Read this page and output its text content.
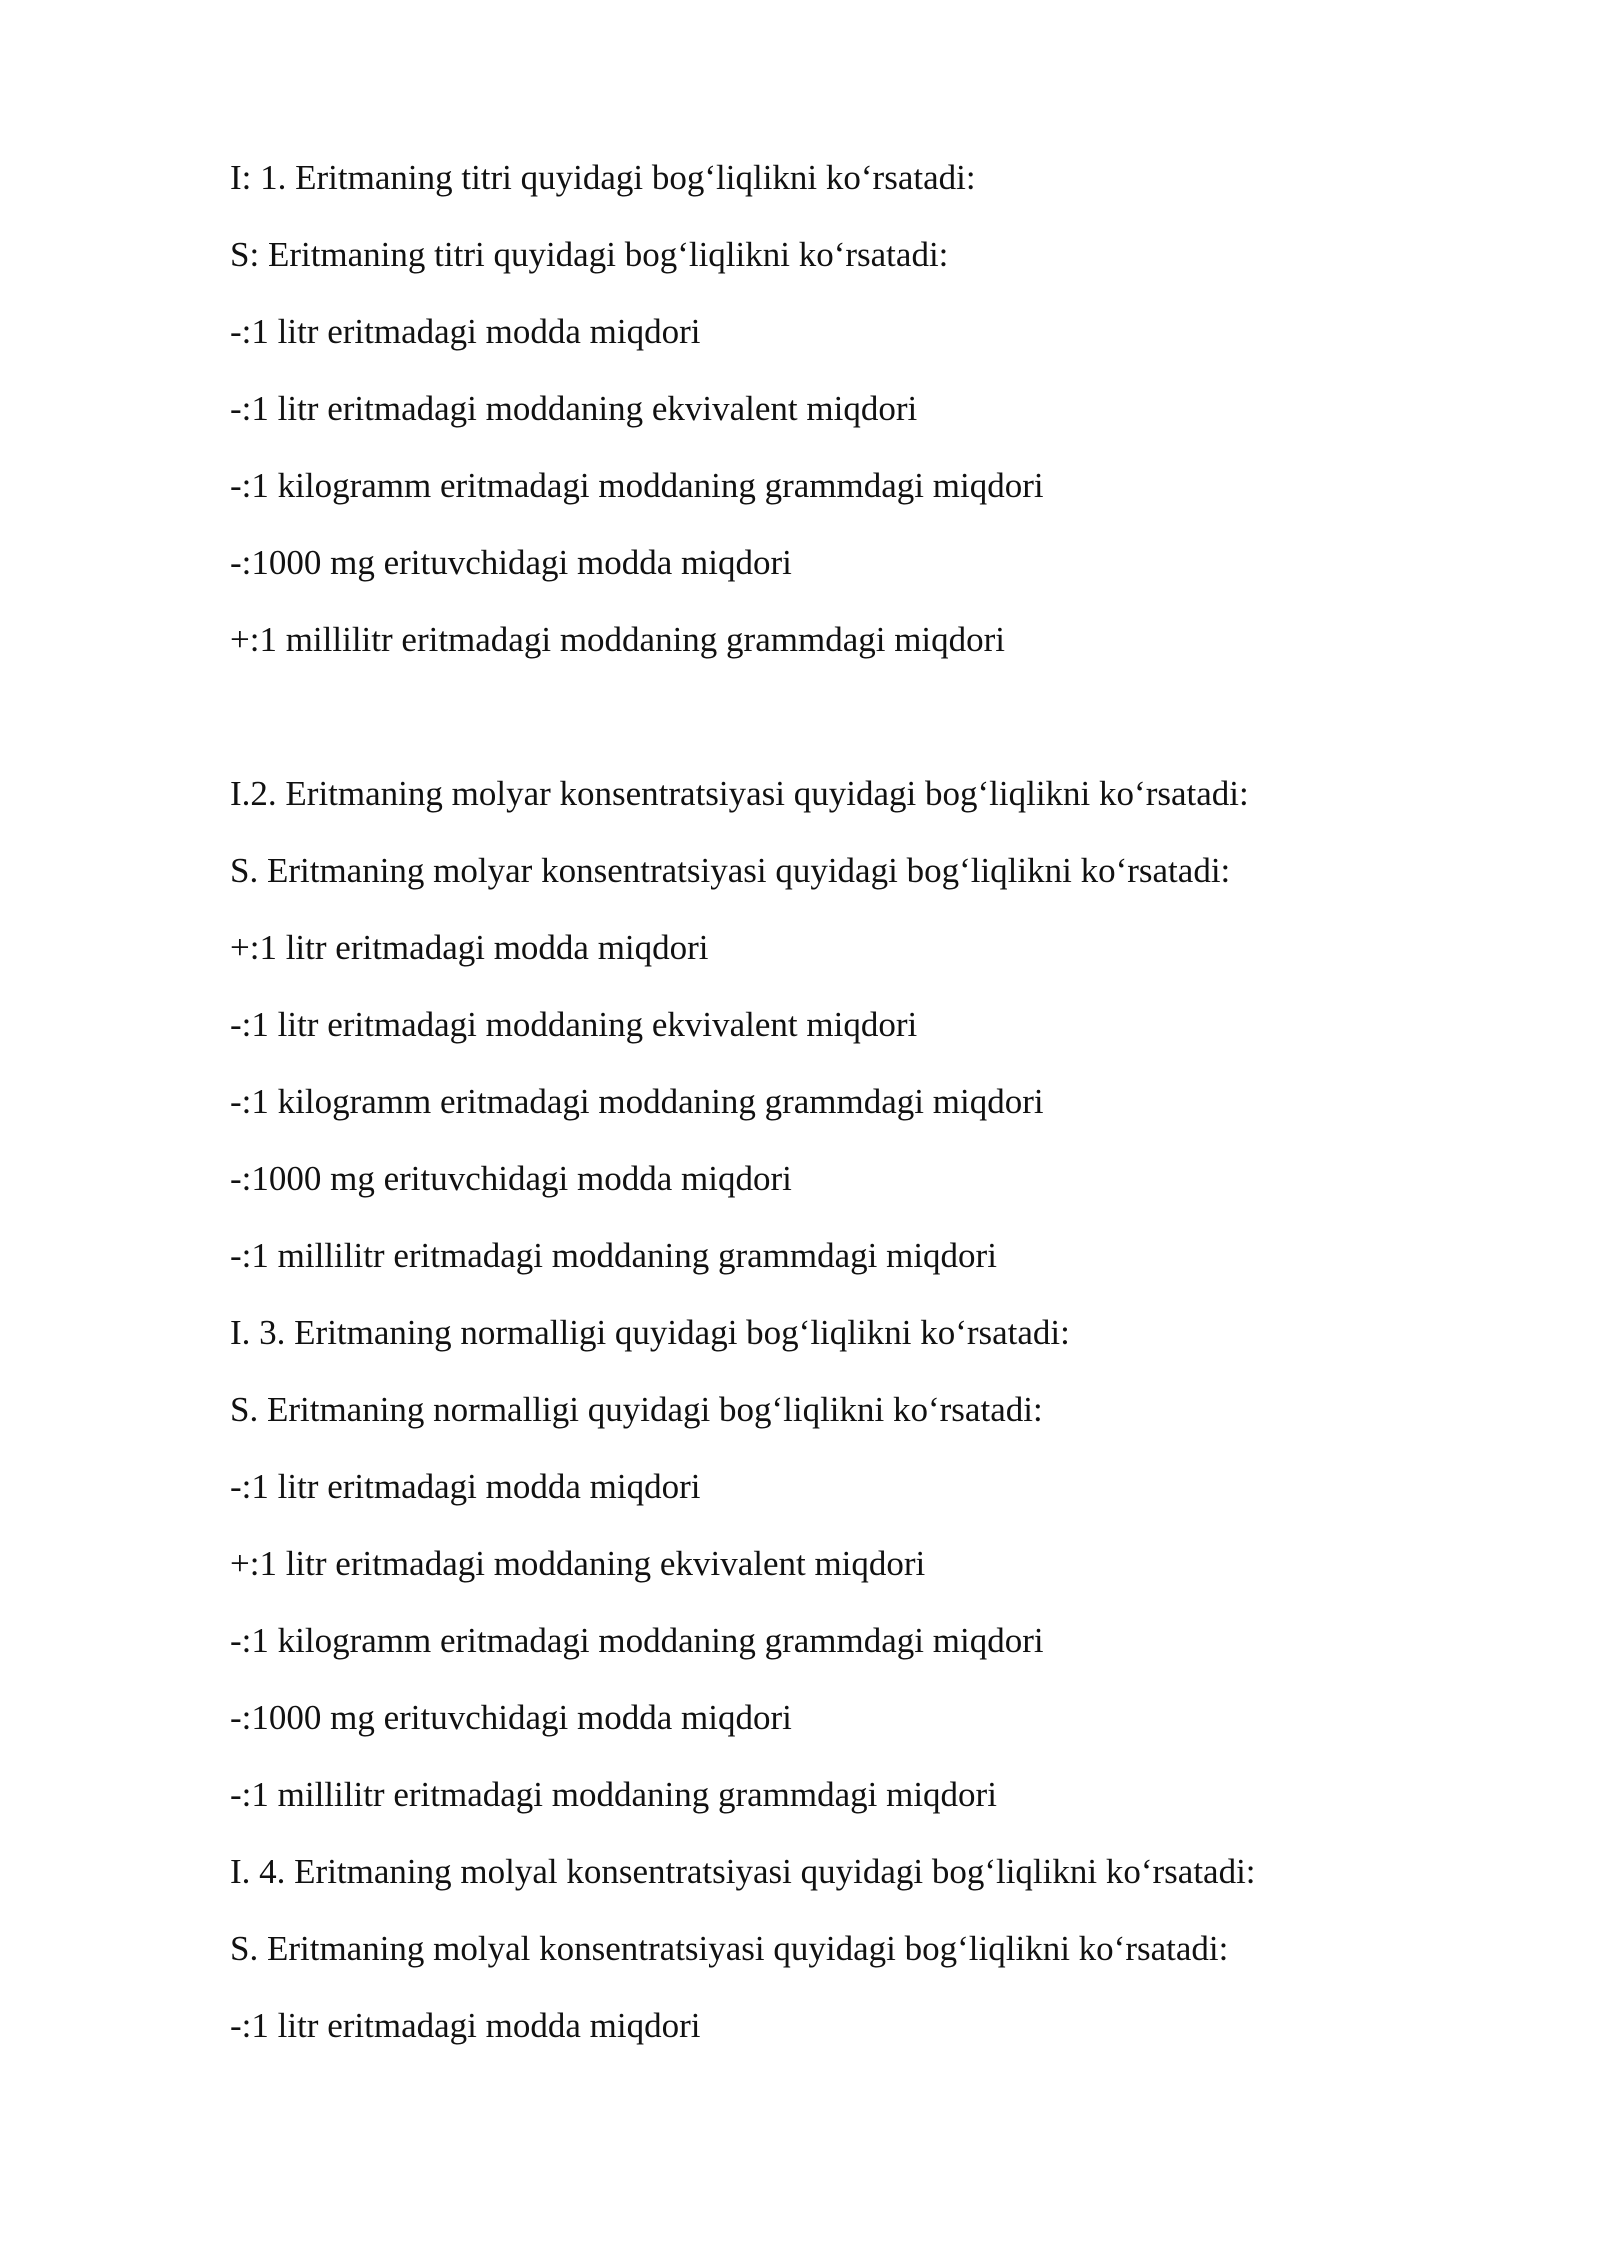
I: 1. Eritmaning titri quyidagi bog‘liqlikni ko‘rsatadi:
S: Eritmaning titri quyidagi bog‘liqlikni ko‘rsatadi:
-:1 litr eritmadagi modda miqdori
-:1 litr eritmadagi moddaning ekvivalent miqdori
-:1 kilogramm eritmadagi moddaning grammdagi miqdori
-:1000 mg erituvchidagi modda miqdori
+:1 millilitr eritmadagi moddaning grammdagi miqdori
I.2. Eritmaning molyar konsentratsiyasi quyidagi bog‘liqlikni ko‘rsatadi:
S. Eritmaning molyar konsentratsiyasi quyidagi bog‘liqlikni ko‘rsatadi:
+:1 litr eritmadagi modda miqdori
-:1 litr eritmadagi moddaning ekvivalent miqdori
-:1 kilogramm eritmadagi moddaning grammdagi miqdori
-:1000 mg erituvchidagi modda miqdori
-:1 millilitr eritmadagi moddaning grammdagi miqdori
I. 3. Eritmaning normalligi quyidagi bog‘liqlikni ko‘rsatadi:
S. Eritmaning normalligi quyidagi bog‘liqlikni ko‘rsatadi:
-:1 litr eritmadagi modda miqdori
+:1 litr eritmadagi moddaning ekvivalent miqdori
-:1 kilogramm eritmadagi moddaning grammdagi miqdori
-:1000 mg erituvchidagi modda miqdori
-:1 millilitr eritmadagi moddaning grammdagi miqdori
I. 4. Eritmaning molyal konsentratsiyasi quyidagi bog‘liqlikni ko‘rsatadi:
S. Eritmaning molyal konsentratsiyasi quyidagi bog‘liqlikni ko‘rsatadi:
-:1 litr eritmadagi modda miqdori
